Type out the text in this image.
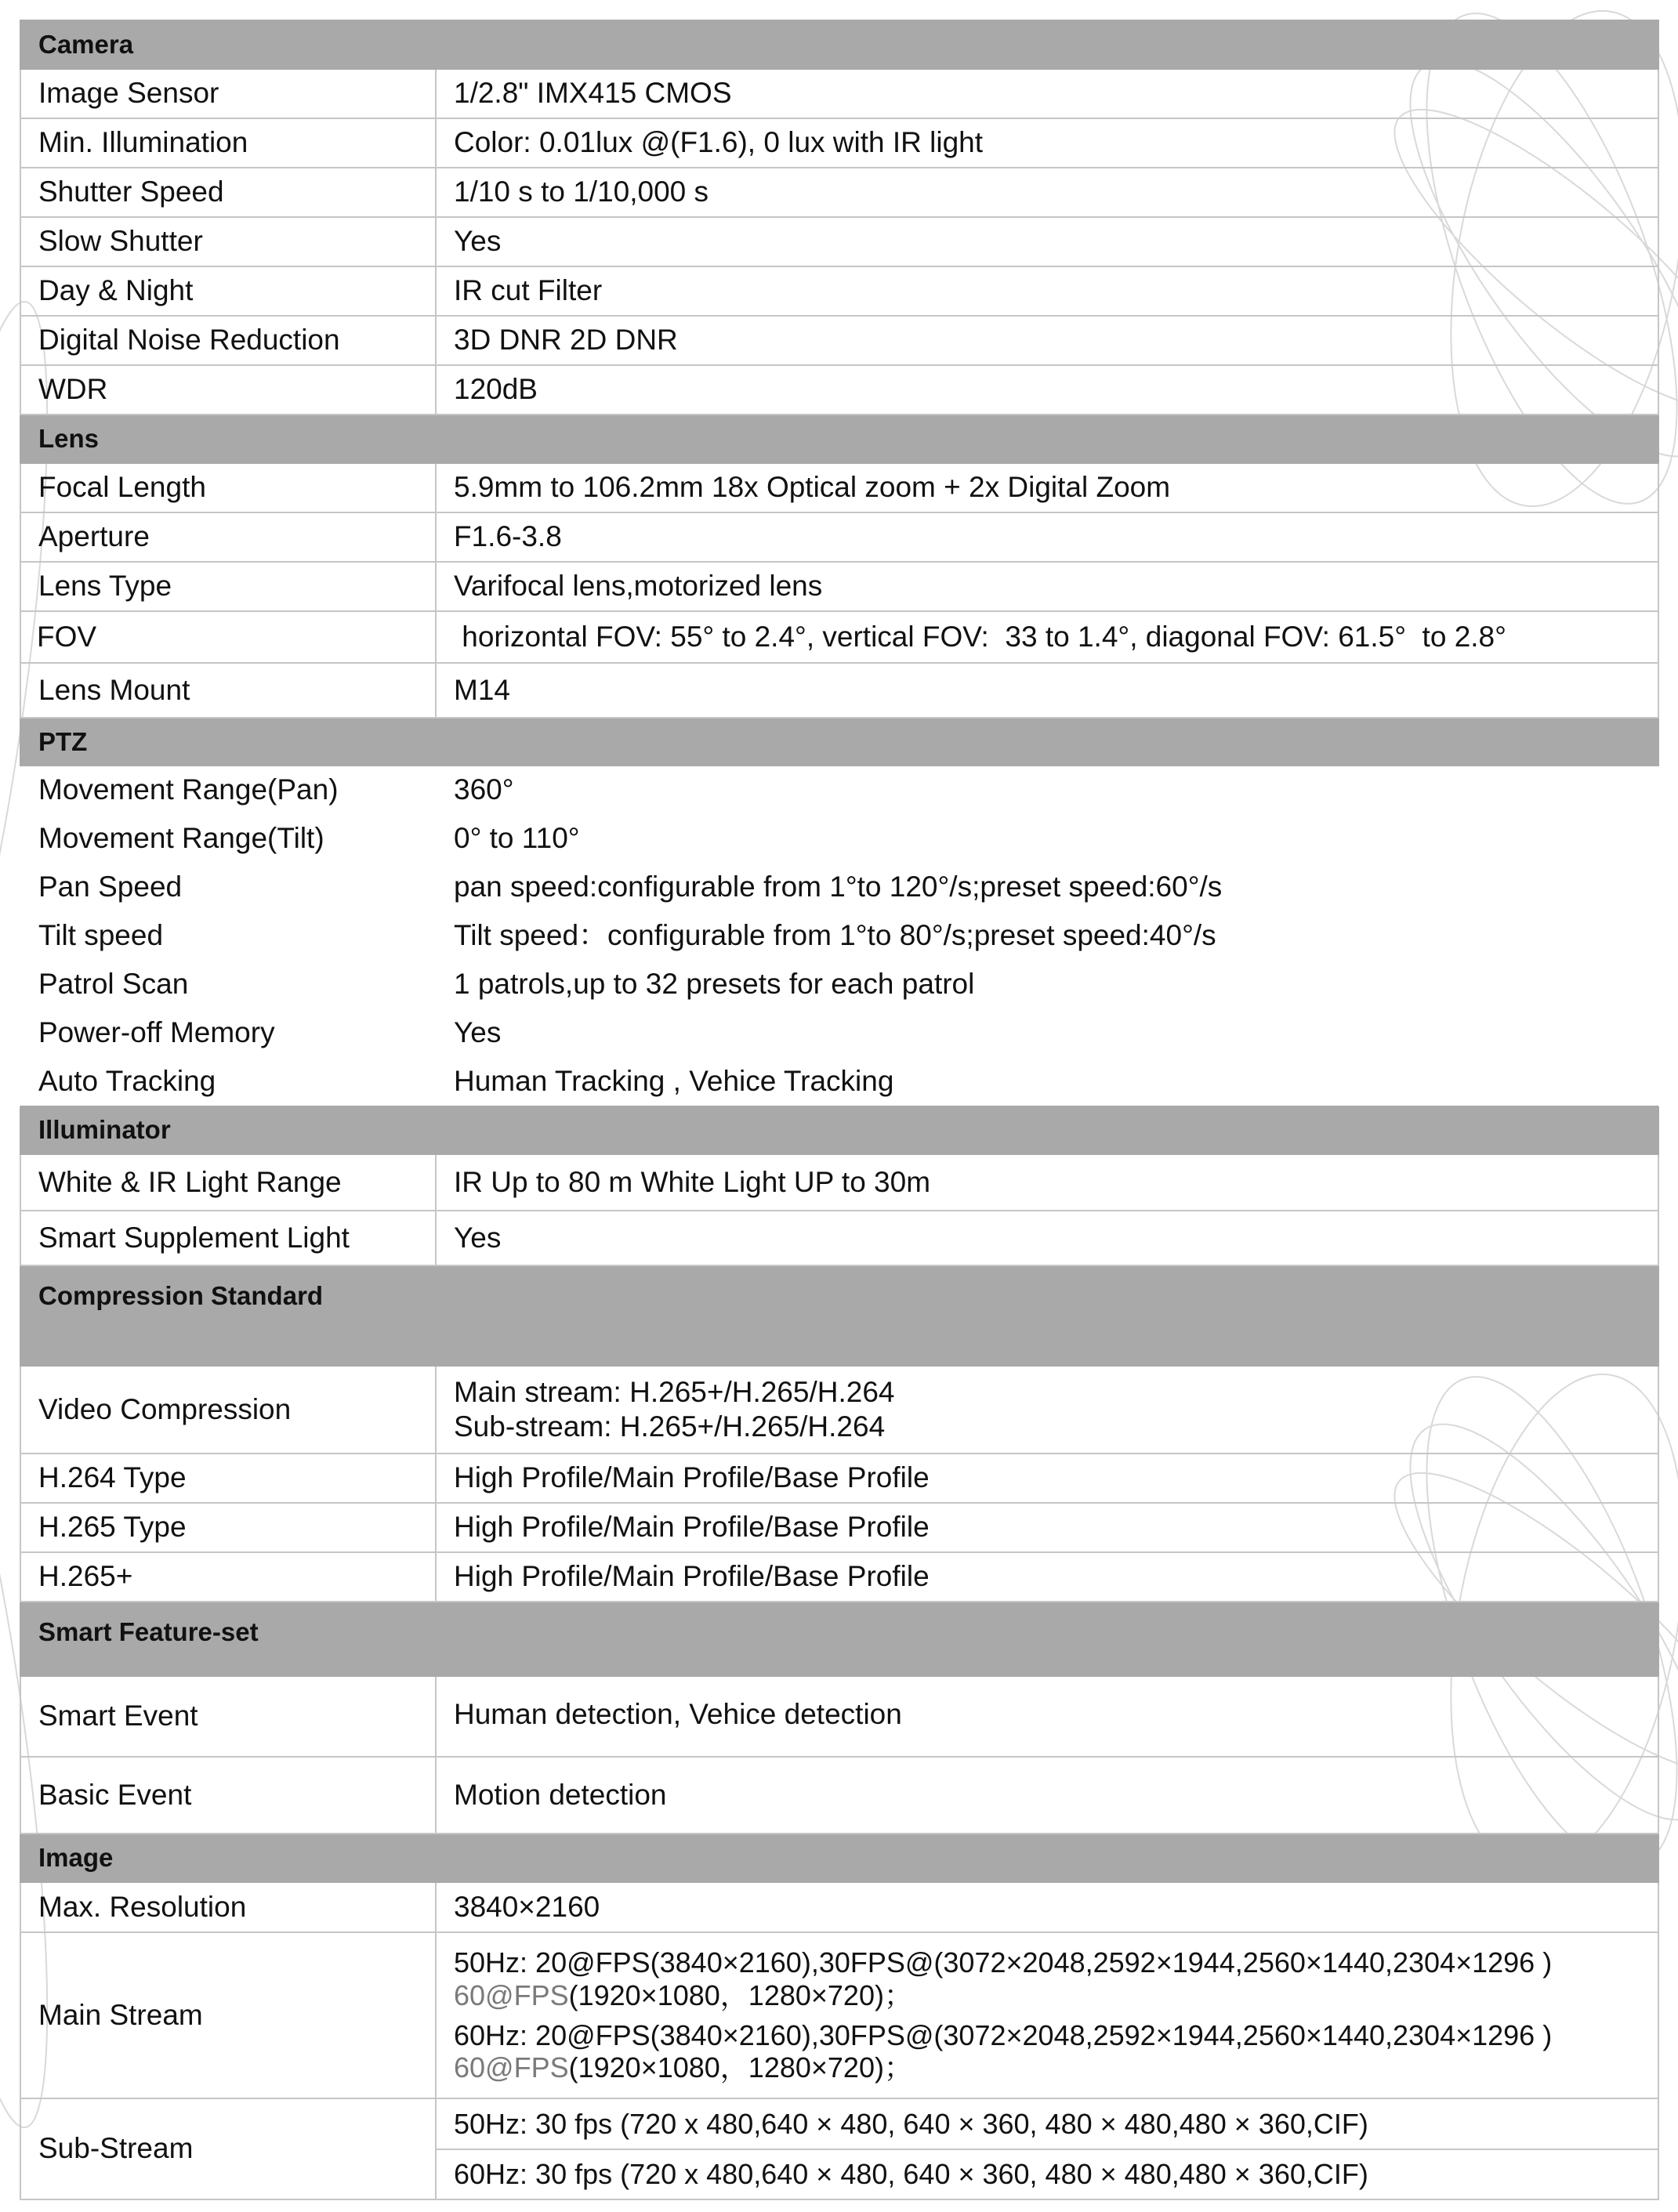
Camera	
Image Sensor	1/2.8" IMX415 CMOS
Min. Illumination	Color: 0.01lux @(F1.6), 0 lux with IR light
Shutter Speed	1/10 s to 1/10,000 s
Slow Shutter	Yes
Day & Night	IR cut Filter
Digital Noise Reduction	3D DNR 2D DNR
WDR	120dB
Lens	
Focal Length	5.9mm to 106.2mm 18x Optical zoom + 2x Digital Zoom
Aperture	F1.6-3.8
Lens Type	Varifocal lens,motorized lens
FOV	horizontal FOV: 55° to 2.4°, vertical FOV:  33 to 1.4°, diagonal FOV: 61.5°  to 2.8°
Lens Mount	M14
PTZ	
Movement Range(Pan)	360°
Movement Range(Tilt)	0° to 110°
Pan Speed	pan speed:configurable from 1°to 120°/s;preset speed:60°/s
Tilt speed	Tilt speed：configurable from 1°to 80°/s;preset speed:40°/s
Patrol Scan	1 patrols,up to 32 presets for each patrol
Power-off Memory	Yes
Auto Tracking	Human Tracking , Vehice Tracking
Illuminator	
White & IR Light Range	IR Up to 80 m White Light UP to 30m
Smart Supplement Light	Yes
Compression Standard	
Video Compression	Main stream: H.265+/H.265/H.264
Sub-stream: H.265+/H.265/H.264

H.264 Type	High Profile/Main Profile/Base Profile
H.265 Type	High Profile/Main Profile/Base Profile
H.265+	High Profile/Main Profile/Base Profile
Smart Feature-set	
Smart Event	Human detection, Vehice detection
Basic Event	Motion detection
Image	
Max. Resolution	3840×2160
Main Stream	50Hz: 20@FPS(3840×2160),30FPS@(3072×2048,2592×1944,2560×1440,2304×1296 )
60@FPS(1920×1080，1280×720)；
60Hz: 20@FPS(3840×2160),30FPS@(3072×2048,2592×1944,2560×1440,2304×1296 )
60@FPS(1920×1080，1280×720)；

Sub-Stream	50Hz: 30 fps (720 x 480,640 × 480, 640 × 360, 480 × 480,480 × 360,CIF)
	60Hz: 30 fps (720 x 480,640 × 480, 640 × 360, 480 × 480,480 × 360,CIF)
